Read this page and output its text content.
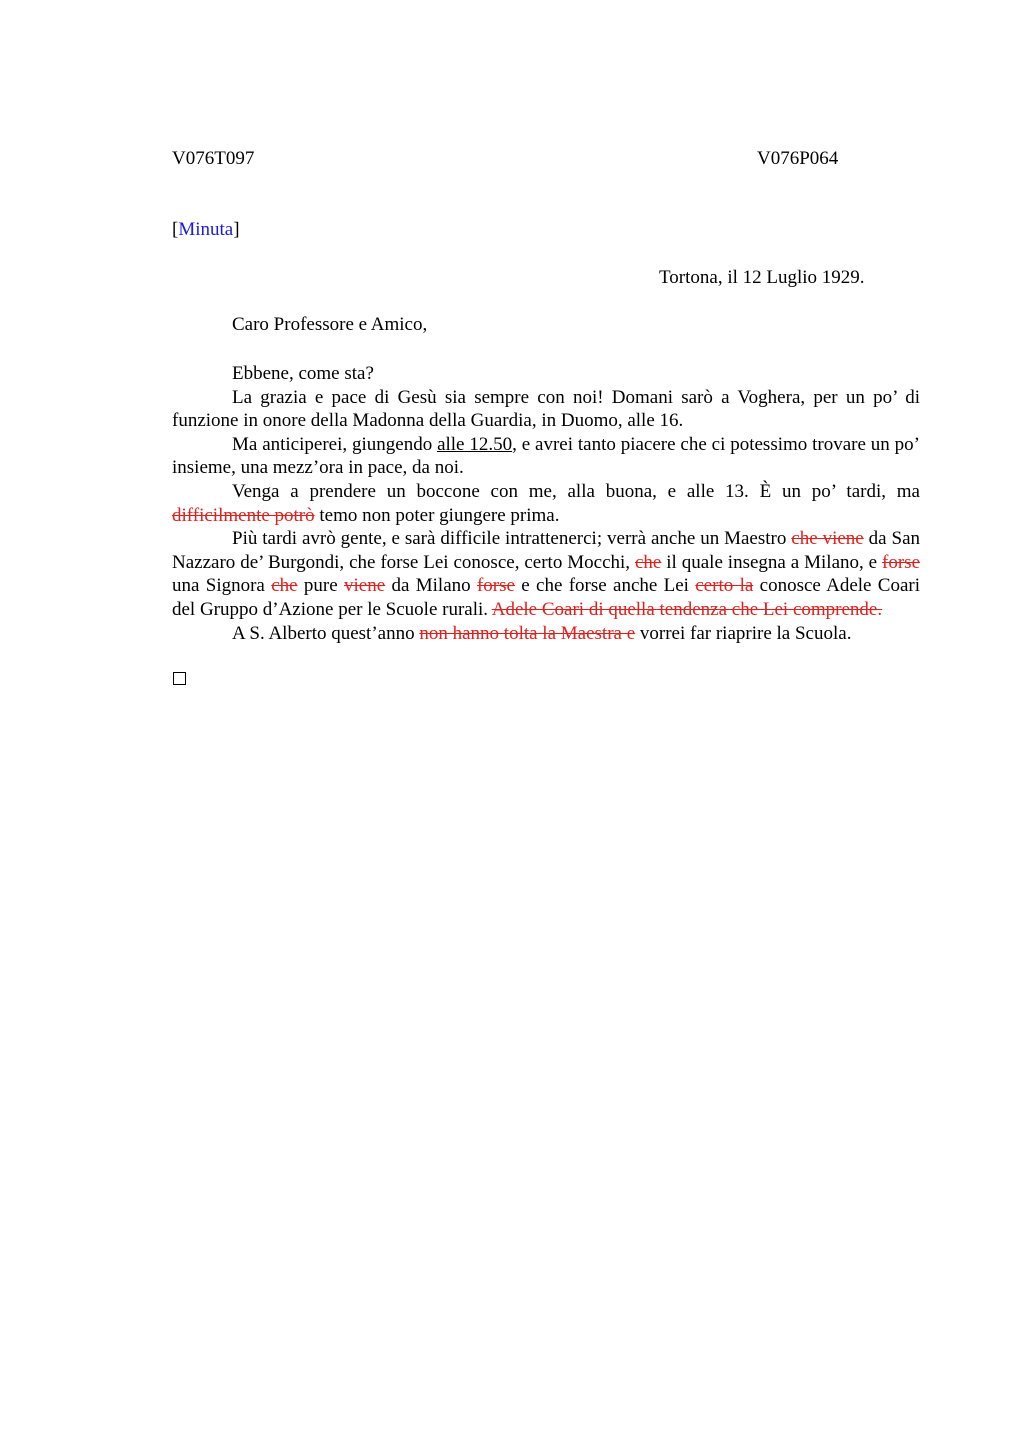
V076T097	V076P064
[Minuta]
Tortona, il 12 Luglio 1929.
Caro Professore e Amico,

Ebbene, come sta?

La grazia e pace di Gesù sia sempre con noi! Domani sarò a Voghera, per un po’ di funzione in onore della Madonna della Guardia, in Duomo, alle 16.

Ma anticiperei, giungendo alle 12.50, e avrei tanto piacere che ci potessimo trovare un po’ insieme, una mezz’ora in pace, da noi.

Venga a prendere un boccone con me, alla buona, e alle 13. È un po’ tardi, ma difficilmente potrò temo non poter giungere prima.

Più tardi avrò gente, e sarà difficile intrattenerci; verrà anche un Maestro che viene da San Nazzaro de’ Burgondi, che forse Lei conosce, certo Mocchi, che il quale insegna a Milano, e forse una Signora che pure viene da Milano forse e che forse anche Lei certo la conosce Adele Coari del Gruppo d’Azione per le Scuole rurali. Adele Coari di quella tendenza che Lei comprende.

A S. Alberto quest’anno non hanno tolta la Maestra e vorrei far riaprire la Scuola.
